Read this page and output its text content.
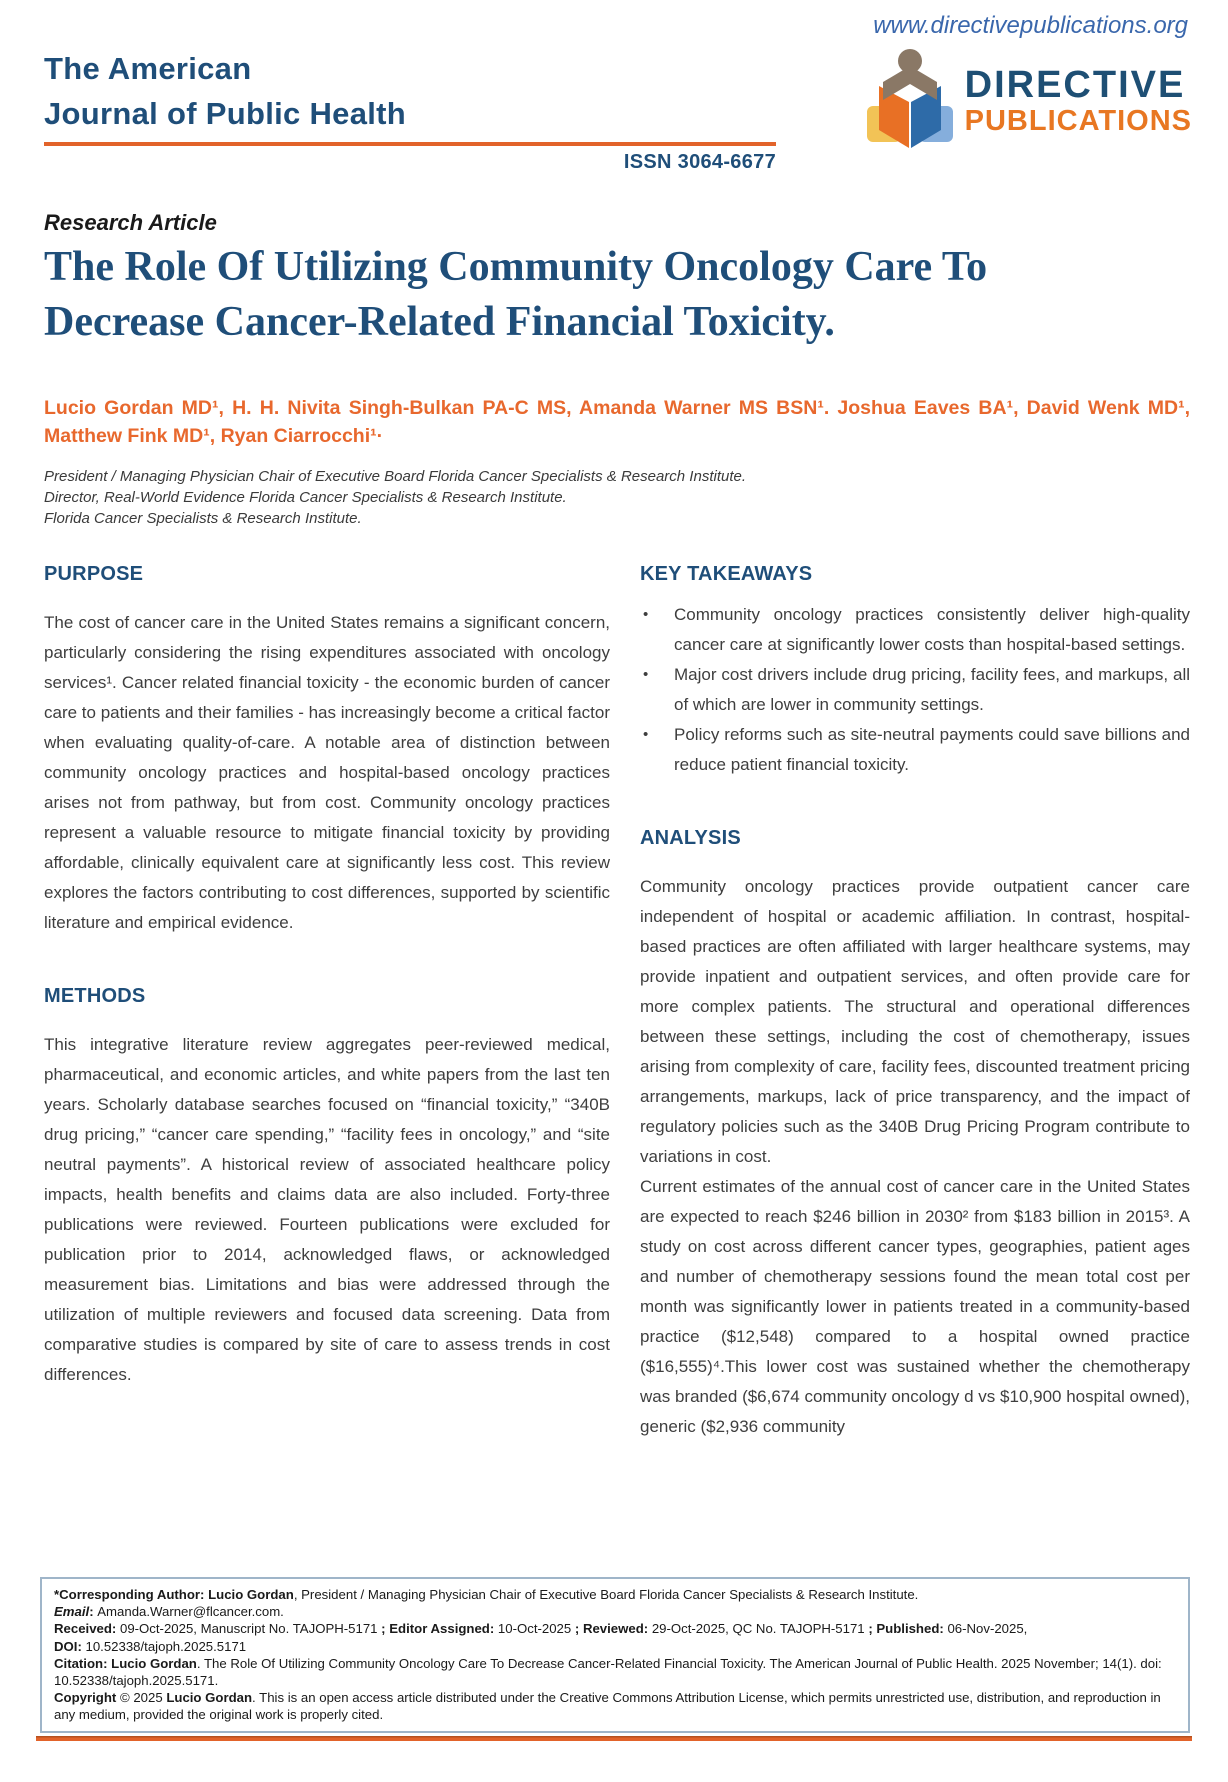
www.directivepublications.org
The American
Journal of Public Health
ISSN 3064-6677
DIRECTIVE
PUBLICATIONS
Research Article
The Role Of Utilizing Community Oncology Care To
Decrease Cancer-Related Financial Toxicity.
Lucio Gordan MD¹, H. H. Nivita Singh-Bulkan PA-C MS, Amanda Warner MS BSN¹. Joshua Eaves BA¹, David Wenk MD¹, Matthew Fink MD¹, Ryan Ciarrocchi¹·
President / Managing Physician Chair of Executive Board Florida Cancer Specialists & Research Institute.
Director, Real-World Evidence Florida Cancer Specialists & Research Institute.
Florida Cancer Specialists & Research Institute.
PURPOSE

The cost of cancer care in the United States remains a significant concern, particularly considering the rising expenditures associated with oncology services¹. Cancer related financial toxicity - the economic burden of cancer care to patients and their families - has increasingly become a critical factor when evaluating quality-of-care. A notable area of distinction between community oncology practices and hospital-based oncology practices arises not from pathway, but from cost. Community oncology practices represent a valuable resource to mitigate financial toxicity by providing affordable, clinically equivalent care at significantly less cost. This review explores the factors contributing to cost differences, supported by scientific literature and empirical evidence.

METHODS

This integrative literature review aggregates peer-reviewed medical, pharmaceutical, and economic articles, and white papers from the last ten years. Scholarly database searches focused on “financial toxicity,” “340B drug pricing,” “cancer care spending,” “facility fees in oncology,” and “site neutral payments”. A historical review of associated healthcare policy impacts, health benefits and claims data are also included. Forty-three publications were reviewed. Fourteen publications were excluded for publication prior to 2014, acknowledged flaws, or acknowledged measurement bias. Limitations and bias were addressed through the utilization of multiple reviewers and focused data screening. Data from comparative studies is compared by site of care to assess trends in cost differences.

KEY TAKEAWAYS
• Community oncology practices consistently deliver high-quality cancer care at significantly lower costs than hospital-based settings.
• Major cost drivers include drug pricing, facility fees, and markups, all of which are lower in community settings.
• Policy reforms such as site-neutral payments could save billions and reduce patient financial toxicity.
ANALYSIS

Community oncology practices provide outpatient cancer care independent of hospital or academic affiliation. In contrast, hospital-based practices are often affiliated with larger healthcare systems, may provide inpatient and outpatient services, and often provide care for more complex patients. The structural and operational differences between these settings, including the cost of chemotherapy, issues arising from complexity of care, facility fees, discounted treatment pricing arrangements, markups, lack of price transparency, and the impact of regulatory policies such as the 340B Drug Pricing Program contribute to variations in cost.

Current estimates of the annual cost of cancer care in the United States are expected to reach $246 billion in 2030² from $183 billion in 2015³. A study on cost across different cancer types, geographies, patient ages and number of chemotherapy sessions found the mean total cost per month was significantly lower in patients treated in a community-based practice ($12,548) compared to a hospital owned practice ($16,555)⁴.This lower cost was sustained whether the chemotherapy was branded ($6,674 community oncology d vs $10,900 hospital owned), generic ($2,936 community

*Corresponding Author: Lucio Gordan, President / Managing Physician Chair of Executive Board Florida Cancer Specialists & Research Institute.
Email: Amanda.Warner@flcancer.com.
Received: 09-Oct-2025, Manuscript No. TAJOPH-5171 ; Editor Assigned: 10-Oct-2025 ; Reviewed: 29-Oct-2025, QC No. TAJOPH-5171 ; Published: 06-Nov-2025,
DOI: 10.52338/tajoph.2025.5171
Citation: Lucio Gordan. The Role Of Utilizing Community Oncology Care To Decrease Cancer-Related Financial Toxicity. The American Journal of Public Health. 2025 November; 14(1). doi: 10.52338/tajoph.2025.5171.
Copyright © 2025 Lucio Gordan. This is an open access article distributed under the Creative Commons Attribution License, which permits unrestricted use, distribution, and reproduction in any medium, provided the original work is properly cited.
